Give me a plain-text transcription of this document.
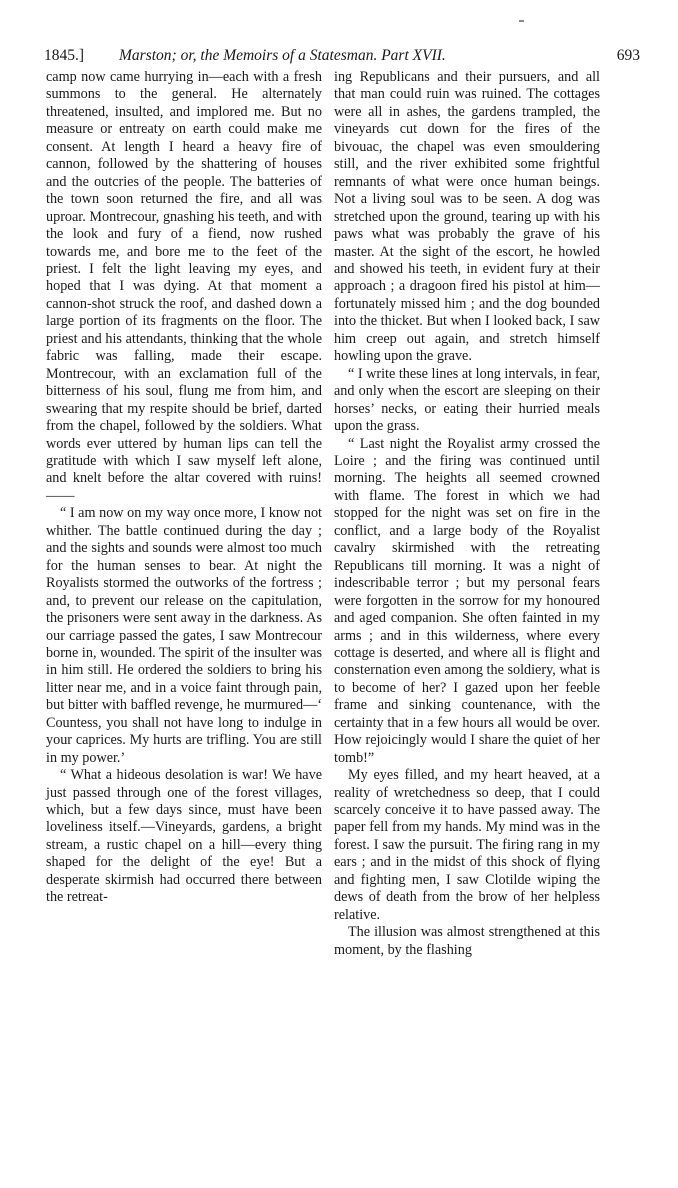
1845.] Marston; or, the Memoirs of a Statesman. Part XVII.	693

camp now came hurrying in—each with a fresh summons to the general. He alternately threatened, insulted, and implored me. But no measure or entreaty on earth could make me consent. At length I heard a heavy fire of cannon, followed by the shattering of houses and the outcries of the people. The batteries of the town soon returned the fire, and all was uproar. Montrecour, gnashing his teeth, and with the look and fury of a fiend, now rushed towards me, and bore me to the feet of the priest. I felt the light leaving my eyes, and hoped that I was dying. At that moment a cannon-shot struck the roof, and dashed down a large portion of its fragments on the floor. The priest and his attendants, thinking that the whole fabric was falling, made their escape. Montrecour, with an exclamation full of the bitterness of his soul, flung me from him, and swearing that my respite should be brief, darted from the chapel, followed by the soldiers. What words ever uttered by human lips can tell the gratitude with which I saw myself left alone, and knelt before the altar covered with ruins!——

“ I am now on my way once more, I know not whither. The battle continued during the day ; and the sights and sounds were almost too much for the human senses to bear. At night the Royalists stormed the outworks of the fortress ; and, to prevent our release on the capitulation, the prisoners were sent away in the darkness. As our carriage passed the gates, I saw Montrecour borne in, wounded. The spirit of the insulter was in him still. He ordered the soldiers to bring his litter near me, and in a voice faint through pain, but bitter with baffled revenge, he murmured—‘ Countess, you shall not have long to indulge in your caprices. My hurts are trifling. You are still in my power.’

“ What a hideous desolation is war! We have just passed through one of the forest villages, which, but a few days since, must have been loveliness itself.—Vineyards, gardens, a bright stream, a rustic chapel on a hill—every thing shaped for the delight of the eye! But a desperate skirmish had occurred there between the retreat-

ing Republicans and their pursuers, and all that man could ruin was ruined. The cottages were all in ashes, the gardens trampled, the vineyards cut down for the fires of the bivouac, the chapel was even smouldering still, and the river exhibited some frightful remnants of what were once human beings. Not a living soul was to be seen. A dog was stretched upon the ground, tearing up with his paws what was probably the grave of his master. At the sight of the escort, he howled and showed his teeth, in evident fury at their approach ; a dragoon fired his pistol at him—fortunately missed him ; and the dog bounded into the thicket. But when I looked back, I saw him creep out again, and stretch himself howling upon the grave.

“ I write these lines at long intervals, in fear, and only when the escort are sleeping on their horses’ necks, or eating their hurried meals upon the grass.

“ Last night the Royalist army crossed the Loire ; and the firing was continued until morning. The heights all seemed crowned with flame. The forest in which we had stopped for the night was set on fire in the conflict, and a large body of the Royalist cavalry skirmished with the retreating Republicans till morning. It was a night of indescribable terror ; but my personal fears were forgotten in the sorrow for my honoured and aged companion. She often fainted in my arms ; and in this wilderness, where every cottage is deserted, and where all is flight and consternation even among the soldiery, what is to become of her? I gazed upon her feeble frame and sinking countenance, with the certainty that in a few hours all would be over. How rejoicingly would I share the quiet of her tomb!”

My eyes filled, and my heart heaved, at a reality of wretchedness so deep, that I could scarcely conceive it to have passed away. The paper fell from my hands. My mind was in the forest. I saw the pursuit. The firing rang in my ears ; and in the midst of this shock of flying and fighting men, I saw Clotilde wiping the dews of death from the brow of her helpless relative.

The illusion was almost strengthened at this moment, by the flashing
